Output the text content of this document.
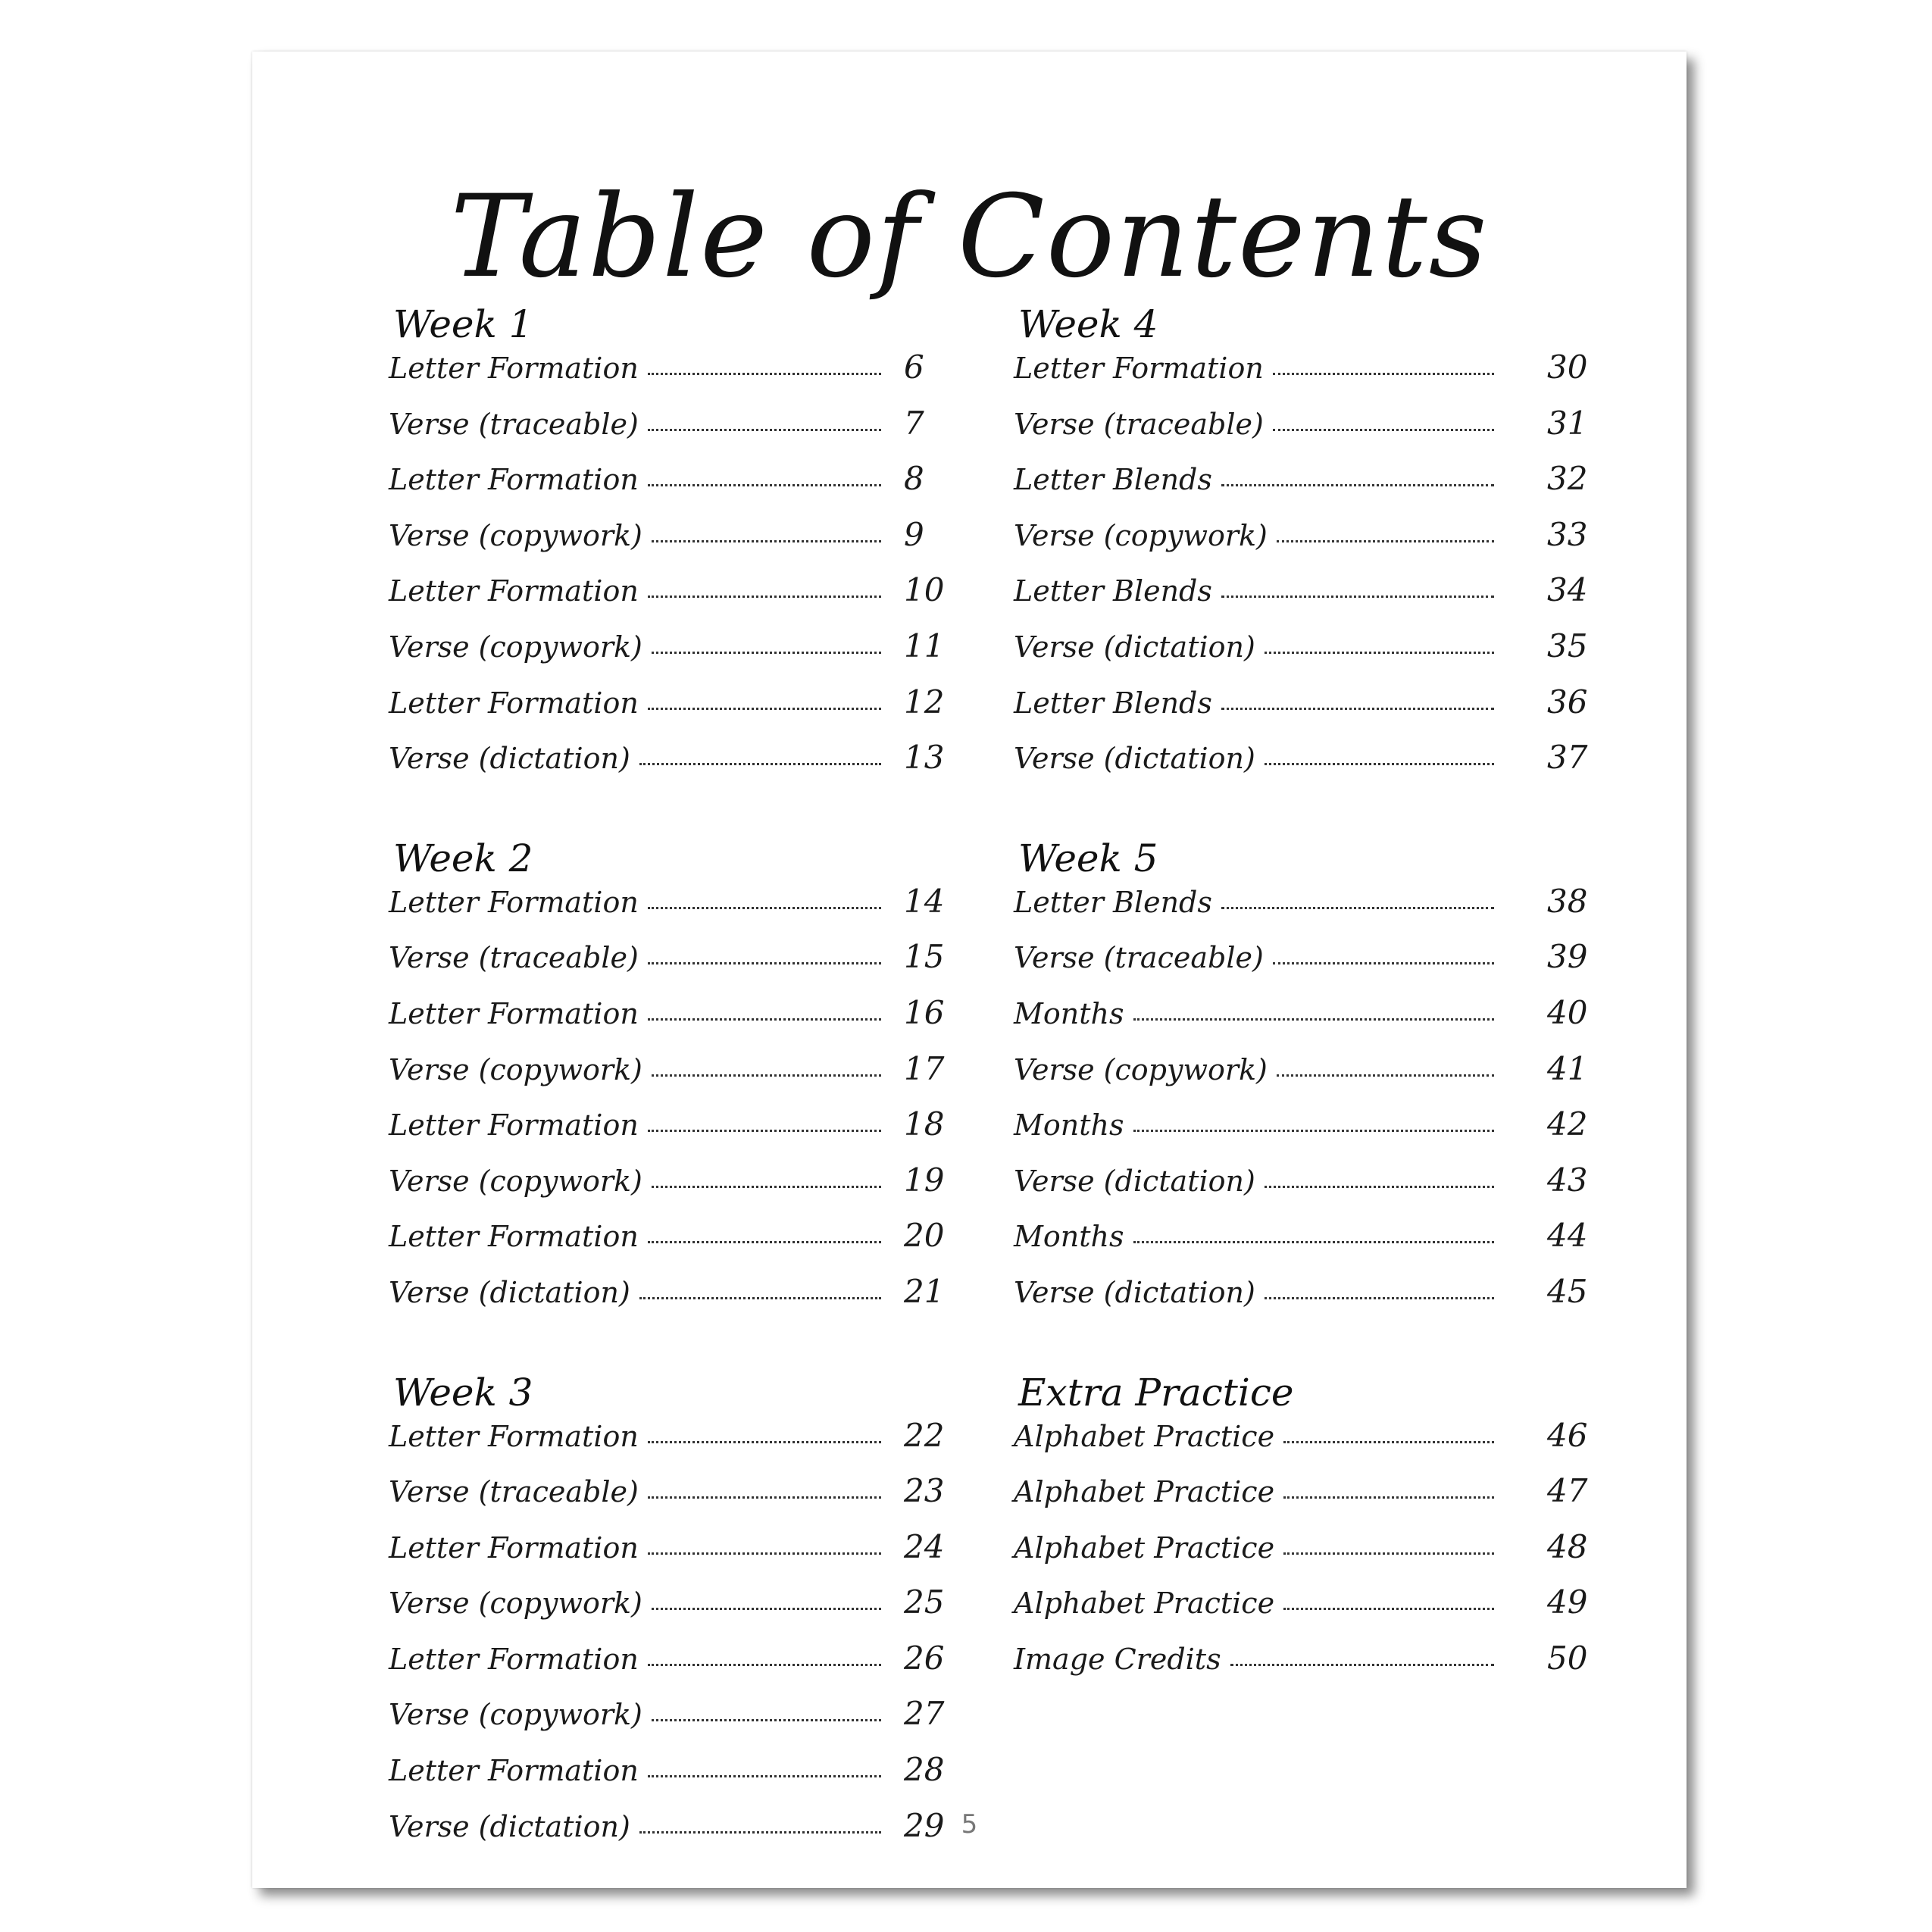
Table of Contents
Week 1
Letter Formation	6
Verse (traceable)	7
Letter Formation	8
Verse (copywork)	9
Letter Formation	10
Verse (copywork)	11
Letter Formation	12
Verse (dictation)	13
Week 2
Letter Formation	14
Verse (traceable)	15
Letter Formation	16
Verse (copywork)	17
Letter Formation	18
Verse (copywork)	19
Letter Formation	20
Verse (dictation)	21
Week 3
Letter Formation	22
Verse (traceable)	23
Letter Formation	24
Verse (copywork)	25
Letter Formation	26
Verse (copywork)	27
Letter Formation	28
Verse (dictation)	29
Week 4
Letter Formation	30
Verse (traceable)	31
Letter Blends	32
Verse (copywork)	33
Letter Blends	34
Verse (dictation)	35
Letter Blends	36
Verse (dictation)	37
Week 5
Letter Blends	38
Verse (traceable)	39
Months	40
Verse (copywork)	41
Months	42
Verse (dictation)	43
Months	44
Verse (dictation)	45
Extra Practice
Alphabet Practice	46
Alphabet Practice	47
Alphabet Practice	48
Alphabet Practice	49
Image Credits	50
5
